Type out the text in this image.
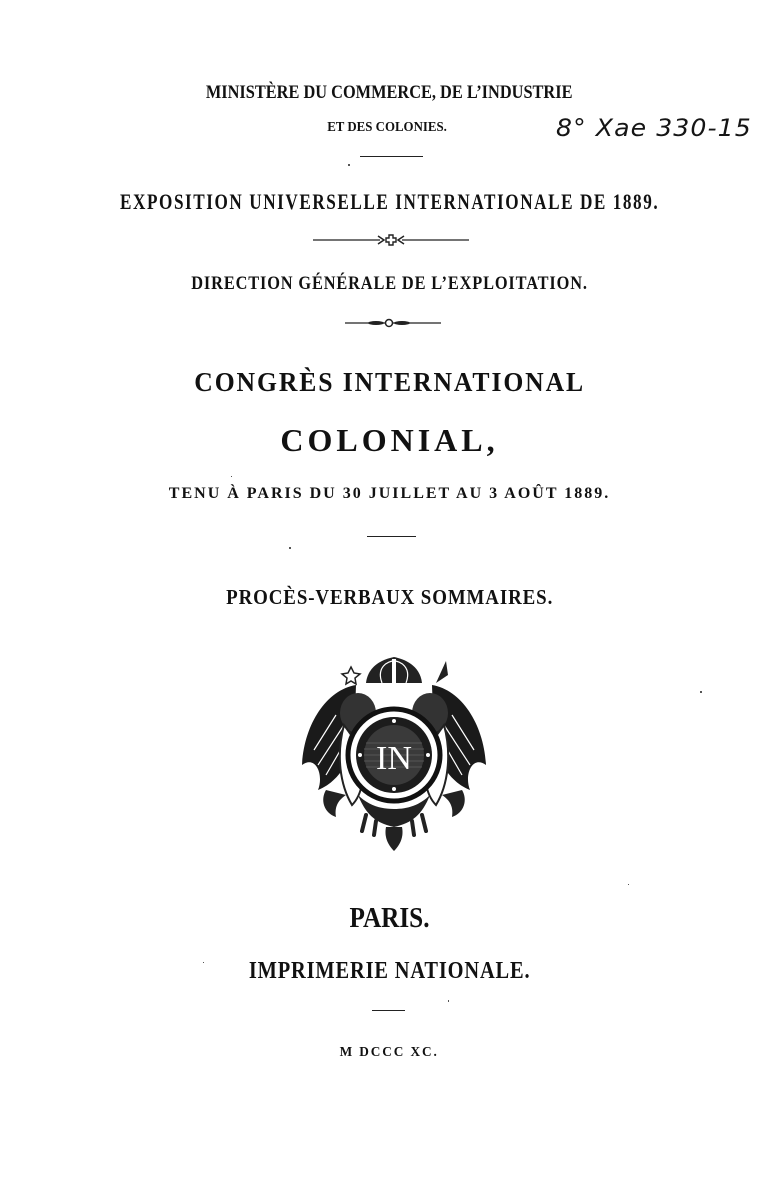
MINISTÈRE DU COMMERCE, DE L’INDUSTRIE
ET DES COLONIES.	8° Xae 330-15
EXPOSITION UNIVERSELLE INTERNATIONALE DE 1889.
DIRECTION GÉNÉRALE DE L’EXPLOITATION.
CONGRÈS INTERNATIONAL
COLONIAL,
TENU À PARIS DU 30 JUILLET AU 3 AOÛT 1889.
PROCÈS-VERBAUX SOMMAIRES.
IN
PARIS.
IMPRIMERIE NATIONALE.
M DCCC XC.
